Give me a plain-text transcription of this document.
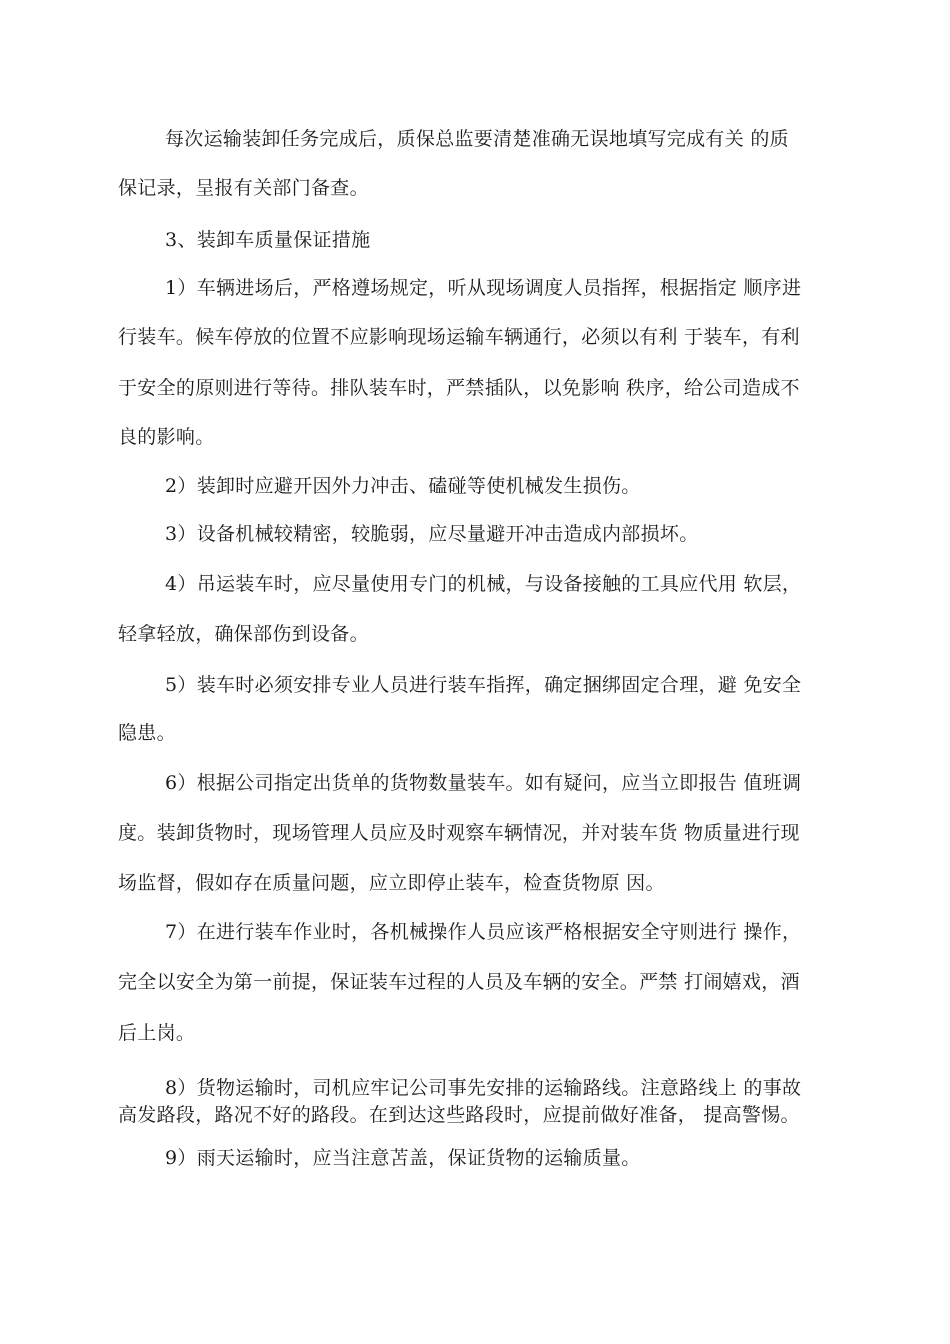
每次运输装卸任务完成后，质保总监要清楚准确无误地填写完成有关 的质
保记录，呈报有关部门备查。
3、装卸车质量保证措施
1）车辆进场后，严格遵场规定，听从现场调度人员指挥，根据指定 顺序进
行装车。候车停放的位置不应影响现场运输车辆通行，必须以有利 于装车，有利
于安全的原则进行等待。排队装车时，严禁插队，以免影响 秩序，给公司造成不
良的影响。
2）装卸时应避开因外力冲击、磕碰等使机械发生损伤。
3）设备机械较精密，较脆弱，应尽量避开冲击造成内部损坏。
4）吊运装车时，应尽量使用专门的机械，与设备接触的工具应代用 软层，
轻拿轻放，确保部伤到设备。
5）装车时必须安排专业人员进行装车指挥，确定捆绑固定合理，避 免安全
隐患。
6）根据公司指定出货单的货物数量装车。如有疑问，应当立即报告 值班调
度。装卸货物时，现场管理人员应及时观察车辆情况，并对装车货 物质量进行现
场监督，假如存在质量问题，应立即停止装车，检查货物原 因。
7）在进行装车作业时，各机械操作人员应该严格根据安全守则进行 操作，
完全以安全为第一前提，保证装车过程的人员及车辆的安全。严禁 打闹嬉戏，酒
后上岗。
8）货物运输时，司机应牢记公司事先安排的运输路线。注意路线上 的事故
高发路段，路况不好的路段。在到达这些路段时，应提前做好准备， 提高警惕。
9）雨天运输时，应当注意苫盖，保证货物的运输质量。
